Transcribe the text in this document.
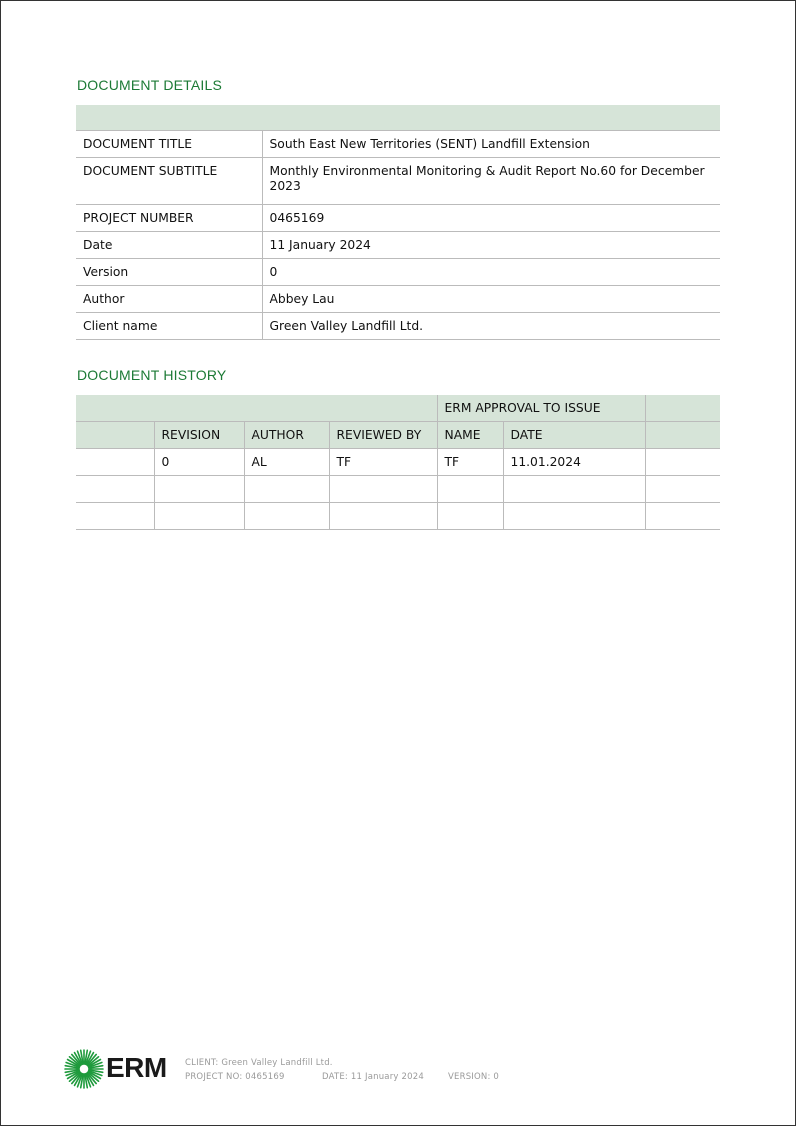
DOCUMENT DETAILS

DOCUMENT TITLE	South East New Territories (SENT) Landfill Extension
DOCUMENT SUBTITLE	Monthly Environmental Monitoring & Audit Report No.60 for December 2023
PROJECT NUMBER	0465169
Date	11 January 2024
Version	0
Author	Abbey Lau
Client name	Green Valley Landfill Ltd.
DOCUMENT HISTORY
				ERM APPROVAL TO ISSUE		
	REVISION	AUTHOR	REVIEWED BY	NAME	DATE	
	0	AL	TF	TF	11.01.2024	

ERM CLIENT: Green Valley Landfill Ltd.
PROJECT NO: 0465169	DATE: 11 January 2024	VERSION: 0
